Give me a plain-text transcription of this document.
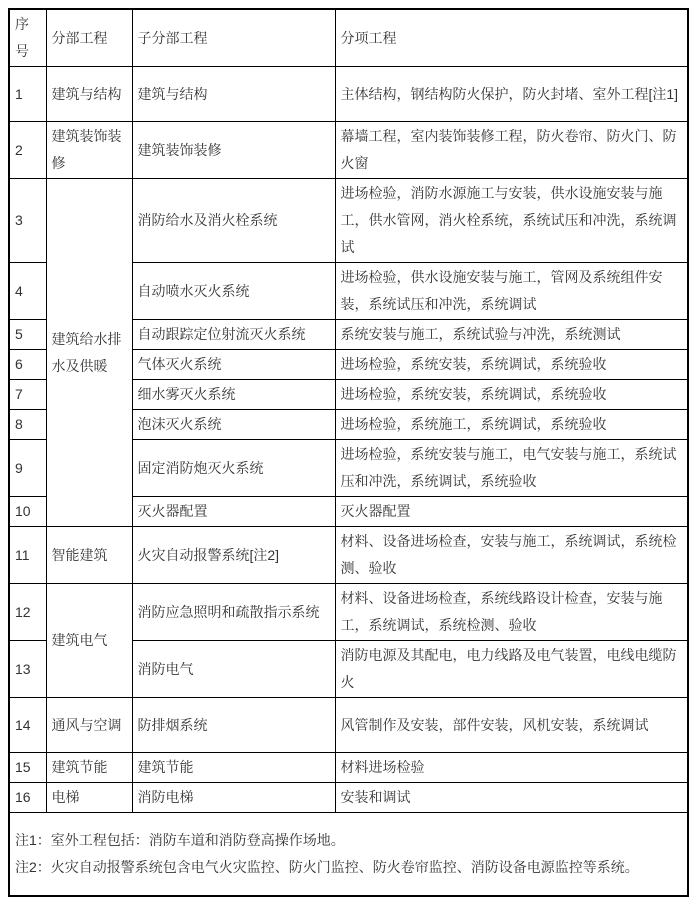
序号	分部工程	子分部工程	分项工程
1	建筑与结构	建筑与结构	主体结构，钢结构防火保护，防火封堵、室外工程[注1]
2	建筑装饰装修	建筑装饰装修	幕墙工程，室内装饰装修工程，防火卷帘、防火门、防火窗
3	建筑给水排水及供暖	消防给水及消火栓系统	进场检验，消防水源施工与安装，供水设施安装与施工，供水管网，消火栓系统，系统试压和冲洗，系统调试
4		自动喷水灭火系统	进场检验，供水设施安装与施工，管网及系统组件安装，系统试压和冲洗，系统调试
5		自动跟踪定位射流灭火系统	系统安装与施工，系统试验与冲洗，系统测试
6		气体灭火系统	进场检验，系统安装，系统调试，系统验收
7		细水雾灭火系统	进场检验，系统安装，系统调试，系统验收
8		泡沫灭火系统	进场检验，系统施工，系统调试，系统验收
9		固定消防炮灭火系统	进场检验，系统安装与施工，电气安装与施工，系统试压和冲洗，系统调试，系统验收
10		灭火器配置	灭火器配置
11	智能建筑	火灾自动报警系统[注2]	材料、设备进场检查，安装与施工，系统调试，系统检测、验收
12	建筑电气	消防应急照明和疏散指示系统	材料、设备进场检查，系统线路设计检查，安装与施工，系统调试，系统检测、验收
13		消防电气	消防电源及其配电，电力线路及电气装置，电线电缆防火
14	通风与空调	防排烟系统	风管制作及安装，部件安装，风机安装，系统调试
15	建筑节能	建筑节能	材料进场检验
16	电梯	消防电梯	安装和调试

注1：室外工程包括：消防车道和消防登高操作场地。
注2：火灾自动报警系统包含电气火灾监控、防火门监控、防火卷帘监控、消防设备电源监控等系统。			
